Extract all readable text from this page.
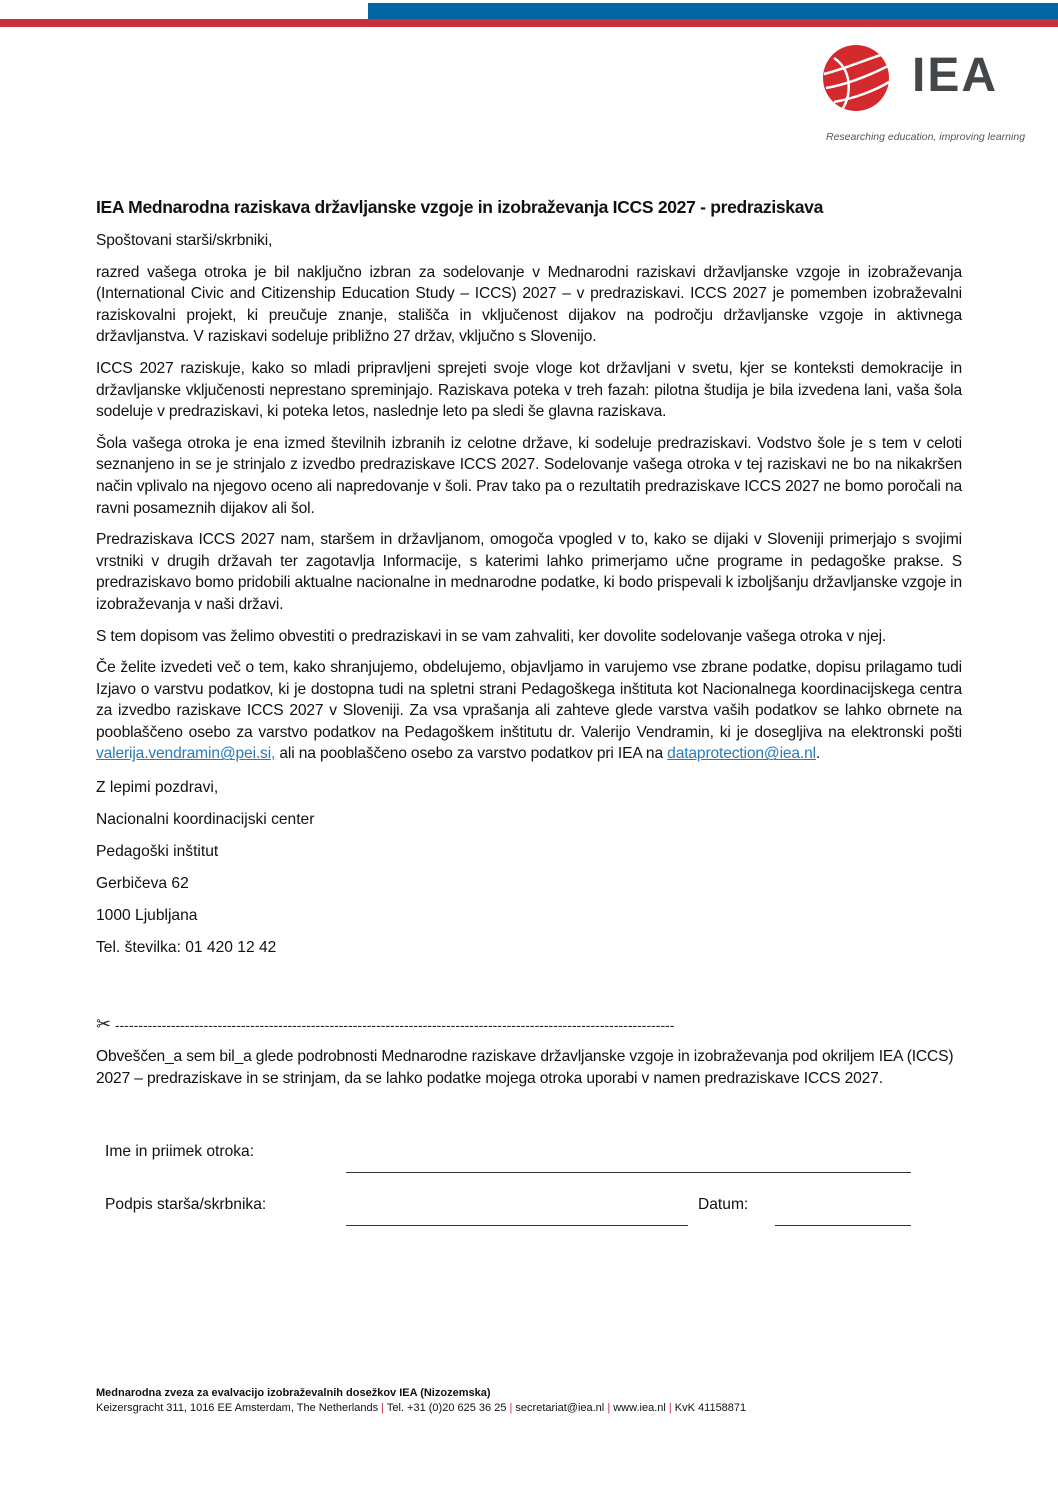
IEA
Researching education, improving learning
IEA Mednarodna raziskava državljanske vzgoje in izobraževanja ICCS 2027 - predraziskava

Spoštovani starši/skrbniki,

razred vašega otroka je bil naključno izbran za sodelovanje v Mednarodni raziskavi državljanske vzgoje in izobraževanja (International Civic and Citizenship Education Study – ICCS) 2027 – v predraziskavi. ICCS 2027 je pomemben izobraževalni raziskovalni projekt, ki preučuje znanje, stališča in vključenost dijakov na področju državljanske vzgoje in aktivnega državljanstva. V raziskavi sodeluje približno 27 držav, vključno s Slovenijo.

ICCS 2027 raziskuje, kako so mladi pripravljeni sprejeti svoje vloge kot državljani v svetu, kjer se konteksti demokracije in državljanske vključenosti neprestano spreminjajo. Raziskava poteka v treh fazah: pilotna študija je bila izvedena lani, vaša šola sodeluje v predraziskavi, ki poteka letos, naslednje leto pa sledi še glavna raziskava.

Šola vašega otroka je ena izmed številnih izbranih iz celotne države, ki sodeluje predraziskavi. Vodstvo šole je s tem v celoti seznanjeno in se je strinjalo z izvedbo predraziskave ICCS 2027. Sodelovanje vašega otroka v tej raziskavi ne bo na nikakršen način vplivalo na njegovo oceno ali napredovanje v šoli. Prav tako pa o rezultatih predraziskave ICCS 2027 ne bomo poročali na ravni posameznih dijakov ali šol.

Predraziskava ICCS 2027 nam, staršem in državljanom, omogoča vpogled v to, kako se dijaki v Sloveniji primerjajo s svojimi vrstniki v drugih državah ter zagotavlja Informacije, s katerimi lahko primerjamo učne programe in pedagoške prakse. S predraziskavo bomo pridobili aktualne nacionalne in mednarodne podatke, ki bodo prispevali k izboljšanju državljanske vzgoje in izobraževanja v naši državi.

S tem dopisom vas želimo obvestiti o predraziskavi in se vam zahvaliti, ker dovolite sodelovanje vašega otroka v njej.

Če želite izvedeti več o tem, kako shranjujemo, obdelujemo, objavljamo in varujemo vse zbrane podatke, dopisu prilagamo tudi Izjavo o varstvu podatkov, ki je dostopna tudi na spletni strani Pedagoškega inštituta kot Nacionalnega koordinacijskega centra za izvedbo raziskave ICCS 2027 v Sloveniji. Za vsa vprašanja ali zahteve glede varstva vaših podatkov se lahko obrnete na pooblaščeno osebo za varstvo podatkov na Pedagoškem inštitutu dr. Valerijo Vendramin, ki je dosegljiva na elektronski pošti valerija.vendramin@pei.si, ali na pooblaščeno osebo za varstvo podatkov pri IEA na dataprotection@iea.nl.

Z lepimi pozdravi,
Nacionalni koordinacijski center
Pedagoški inštitut
Gerbičeva 62
1000 Ljubljana
Tel. številka: 01 420 12 42
✂ ------------------------------------------------------------------------------------------------------------------------

Obveščen_a sem bil_a glede podrobnosti Mednarodne raziskave državljanske vzgoje in izobraževanja pod okriljem IEA (ICCS) 2027 – predraziskave in se strinjam, da se lahko podatke mojega otroka uporabi v namen predraziskave ICCS 2027.

Ime in priimek otroka:
Podpis starša/skrbnika:	Datum:
Mednarodna zveza za evalvacijo izobraževalnih dosežkov IEA (Nizozemska)
Keizersgracht 311, 1016 EE Amsterdam, The Netherlands | Tel. +31 (0)20 625 36 25 | secretariat@iea.nl | www.iea.nl | KvK 41158871
